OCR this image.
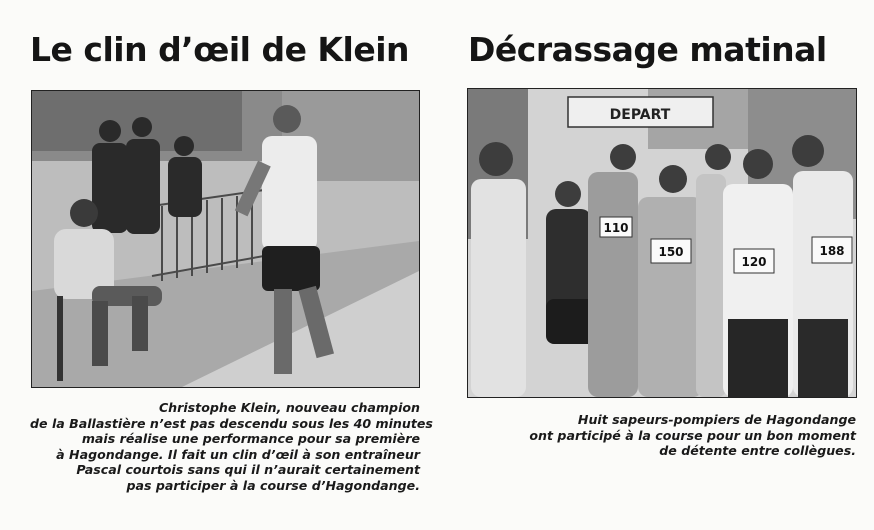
Le clin d’œil de Klein Décrassage matinal
DEPART
110
150
120
188

Christophe Klein, nouveau champion
de la Ballastière n’est pas descendu sous les 40 minutes
mais réalise une performance pour sa première
à Hagondange. Il fait un clin d’œil à son entraîneur
Pascal courtois sans qui il n’aurait certainement
pas participer à la course d’Hagondange.

Huit sapeurs-pompiers de Hagondange
ont participé à la course pour un bon moment
de détente entre collègues.
